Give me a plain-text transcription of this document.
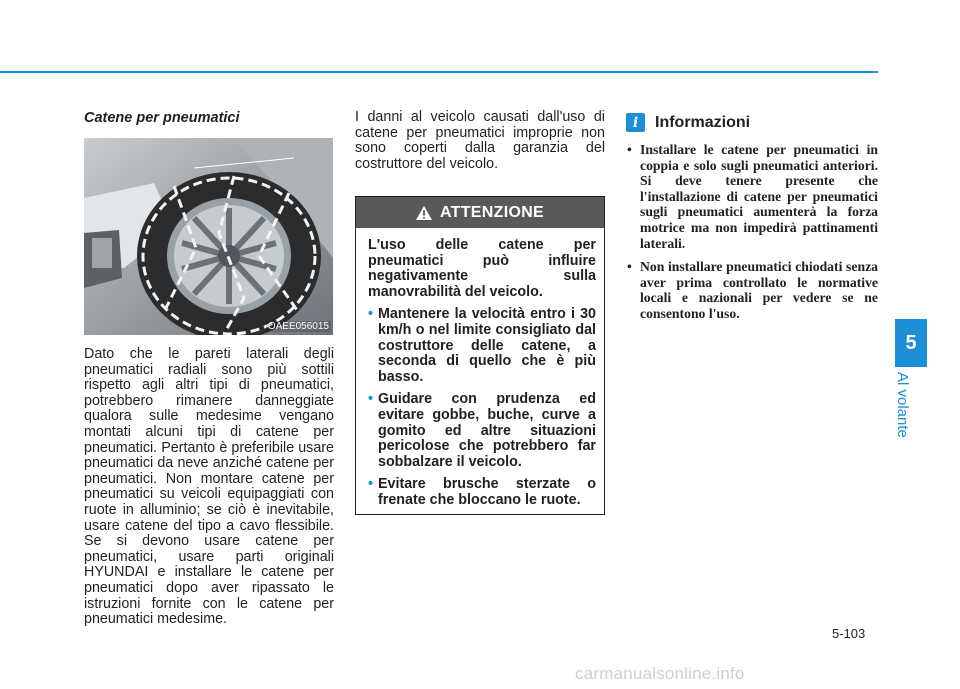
5
Al volante
Catene per pneumatici
OAEE056015

Dato che le pareti laterali degli pneumatici radiali sono più sottili rispetto agli altri tipi di pneumatici, potrebbero rimanere danneggiate qualora sulle medesime vengano montati alcuni tipi di catene per pneumatici. Pertanto è preferibile usare pneumatici da neve anziché catene per pneumatici. Non montare catene per pneumatici su veicoli equipaggiati con ruote in alluminio; se ciò è inevitabile, usare catene del tipo a cavo flessibile. Se si devono usare catene per pneumatici, usare parti originali HYUNDAI e installare le catene per pneumatici dopo aver ripassato le istruzioni fornite con le catene per pneumatici medesime.

I danni al veicolo causati dall'uso di catene per pneumatici improprie non sono coperti dalla garanzia del costruttore del veicolo.

ATTENZIONE

L'uso delle catene per pneumatici può influire negativamente sulla manovrabilità del veicolo.

• Mantenere la velocità entro i 30 km/h o nel limite consigliato dal costruttore delle catene, a seconda di quello che è più basso.
• Guidare con prudenza ed evitare gobbe, buche, curve a gomito ed altre situazioni pericolose che potrebbero far sobbalzare il veicolo.
• Evitare brusche sterzate o frenate che bloccano le ruote.
i	Informazioni
• Installare le catene per pneumatici in coppia e solo sugli pneumatici anteriori. Si deve tenere presente che l'installazione di catene per pneumatici sugli pneumatici aumenterà la forza motrice ma non impedirà pattinamenti laterali.
• Non installare pneumatici chiodati senza aver prima controllato le normative locali e nazionali per vedere se ne consentono l'uso.
5-103
carmanualsonline.info
